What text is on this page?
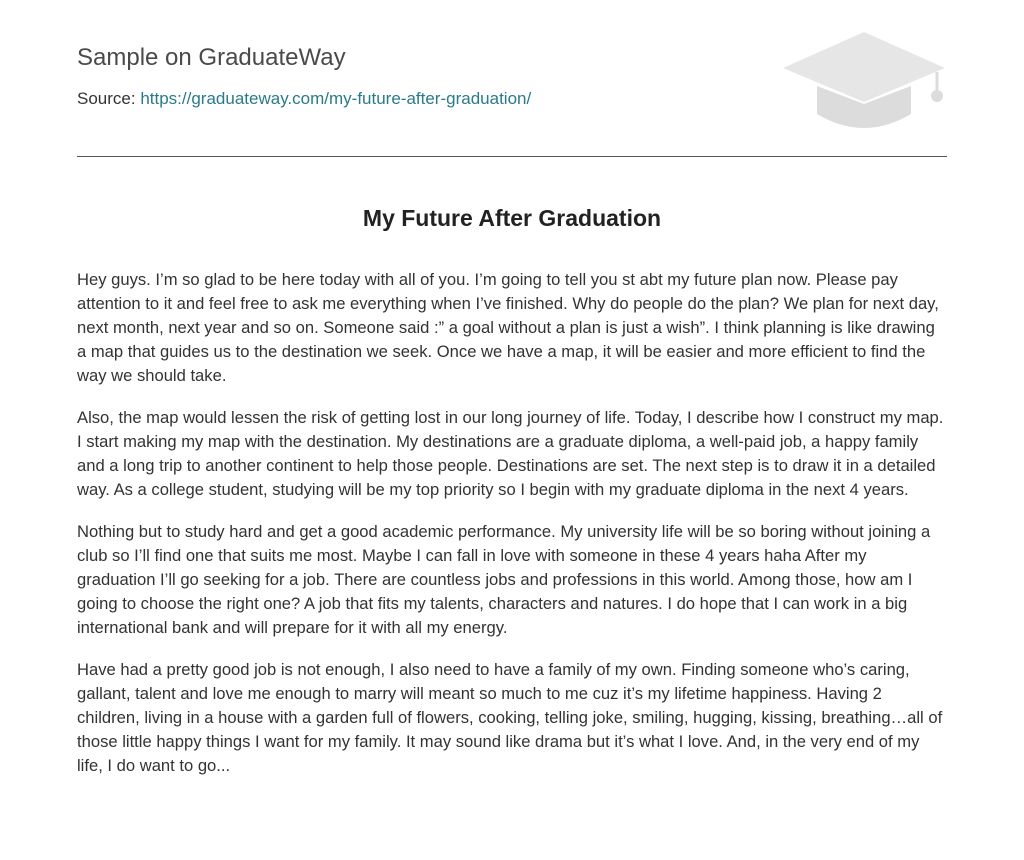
Sample on GraduateWay
Source: https://graduateway.com/my-future-after-graduation/
My Future After Graduation

Hey guys. I’m so glad to be here today with all of you. I’m going to tell you st abt my future plan now. Please pay attention to it and feel free to ask me everything when I’ve finished. Why do people do the plan? We plan for next day, next month, next year and so on. Someone said :” a goal without a plan is just a wish”. I think planning is like drawing a map that guides us to the destination we seek. Once we have a map, it will be easier and more efficient to find the way we should take.

Also, the map would lessen the risk of getting lost in our long journey of life. Today, I describe how I construct my map. I start making my map with the destination. My destinations are a graduate diploma, a well-paid job, a happy family and a long trip to another continent to help those people. Destinations are set. The next step is to draw it in a detailed way. As a college student, studying will be my top priority so I begin with my graduate diploma in the next 4 years.

Nothing but to study hard and get a good academic performance. My university life will be so boring without joining a club so I’ll find one that suits me most. Maybe I can fall in love with someone in these 4 years haha After my graduation I’ll go seeking for a job. There are countless jobs and professions in this world. Among those, how am I going to choose the right one? A job that fits my talents, characters and natures. I do hope that I can work in a big international bank and will prepare for it with all my energy.

Have had a pretty good job is not enough, I also need to have a family of my own. Finding someone who’s caring, gallant, talent and love me enough to marry will meant so much to me cuz it’s my lifetime happiness. Having 2 children, living in a house with a garden full of flowers, cooking, telling joke, smiling, hugging, kissing, breathing…all of those little happy things I want for my family. It may sound like drama but it’s what I love. And, in the very end of my life, I do want to go...
